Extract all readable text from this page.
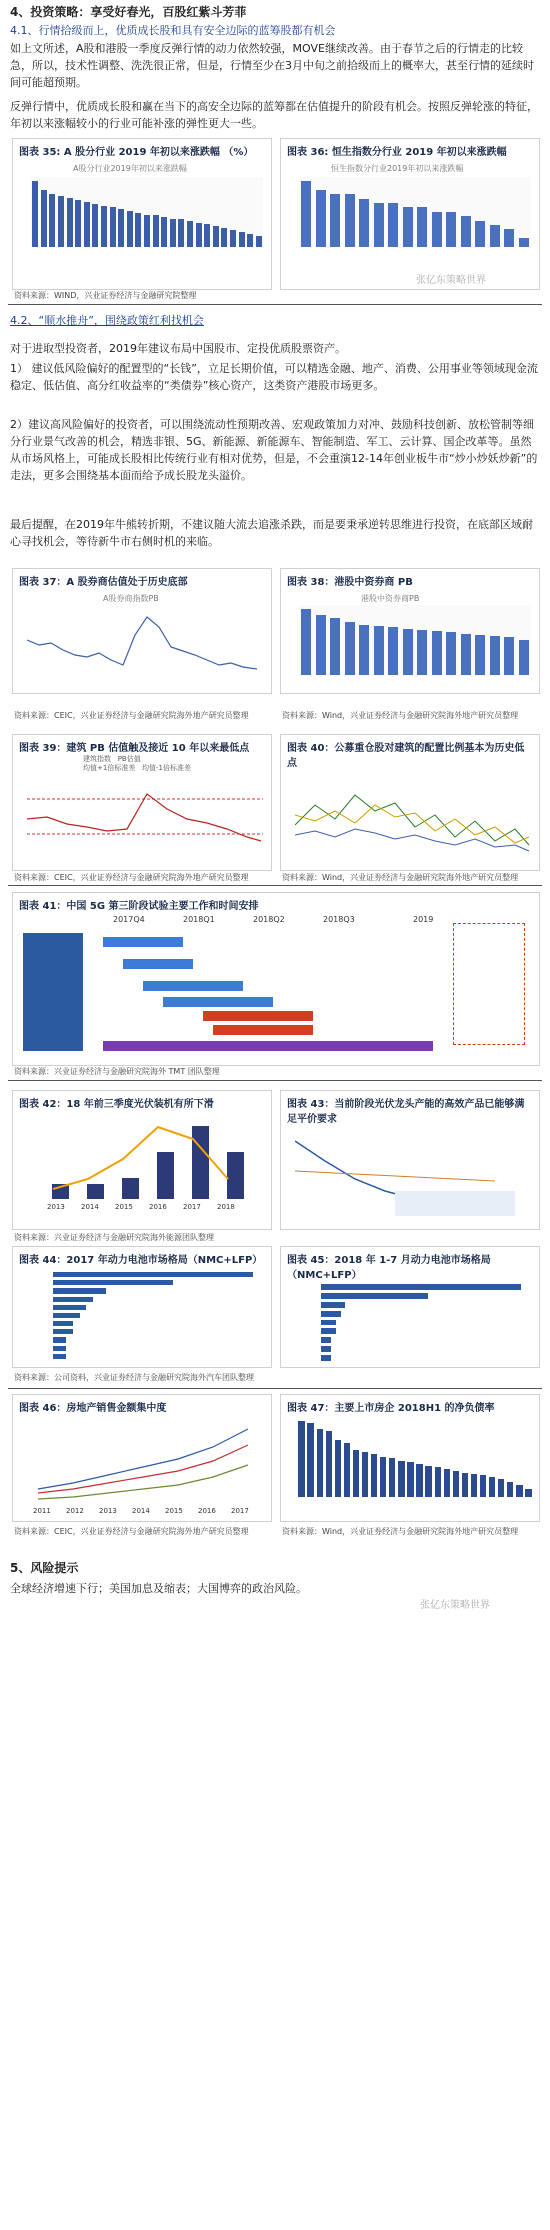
4、投资策略：享受好春光，百股红紫斗芳菲
4.1、行情拾级而上，优质成长股和具有安全边际的蓝筹股都有机会
如上文所述，A股和港股一季度反弹行情的动力依然较强，MOVE继续改善。由于春节之后的行情走的比较急，所以，技术性调整、洗洗很正常，但是，行情至少在3月中旬之前拾级而上的概率大，甚至行情的延续时间可能超预期。
反弹行情中，优质成长股和赢在当下的高安全边际的蓝筹都在估值提升的阶段有机会。按照反弹轮涨的特征，年初以来涨幅较小的行业可能补涨的弹性更大一些。
图表 35: A 股分行业 2019 年初以来涨跌幅 （%）
A股分行业2019年初以来涨跌幅
图表 36: 恒生指数分行业 2019 年初以来涨跌幅
恒生指数分行业2019年初以来涨跌幅
张亿东策略世界
资料来源：WIND，兴业证券经济与金融研究院整理
4.2、“顺水推舟”，围绕政策红利找机会
对于进取型投资者，2019年建议布局中国股市、定投优质股票资产。
1） 建议低风险偏好的配置型的“长钱”，立足长期价值，可以精选金融、地产、消费、公用事业等领域现金流稳定、低估值、高分红收益率的“类债券”核心资产，这类资产港股市场更多。
2）建议高风险偏好的投资者，可以围绕流动性预期改善、宏观政策加力对冲、鼓励科技创新、放松管制等细分行业景气改善的机会，精选非银、5G、新能源、新能源车、智能制造、军工、云计算、国企改革等。虽然从市场风格上，可能成长股相比传统行业有相对优势，但是，不会重演12-14年创业板牛市“炒小炒妖炒新”的走法，更多会围绕基本面而给予成长股龙头溢价。
最后提醒，在2019年牛熊转折期，不建议随大流去追涨杀跌，而是要秉承逆转思维进行投资，在底部区域耐心寻找机会，等待新牛市右侧时机的来临。
图表 37：A 股券商估值处于历史底部
A股券商指数PB
资料来源：CEIC，兴业证券经济与金融研究院海外地产研究员整理
图表 38：港股中资券商 PB
港股中资券商PB
资料来源：Wind，兴业证券经济与金融研究院海外地产研究员整理
图表 39：建筑 PB 估值触及接近 10 年以来最低点
建筑指数 PB估值
均值+1倍标准差 均值-1倍标准差
图表 40：公募重仓股对建筑的配置比例基本为历史低点
资料来源：CEIC，兴业证券经济与金融研究院海外地产研究员整理	资料来源：Wind，兴业证券经济与金融研究院海外地产研究员整理
图表 41：中国 5G 第三阶段试验主要工作和时间安排
2017Q4	2018Q1	2018Q2	2018Q3	2019
资料来源：兴业证券经济与金融研究院海外 TMT 团队整理
图表 42：18 年前三季度光伏装机有所下滑
2013 2014 2015 2016 2017 2018
图表 43：当前阶段光伏龙头产能的高效产品已能够满足平价要求
资料来源：兴业证券经济与金融研究院海外能源团队整理
图表 44：2017 年动力电池市场格局（NMC+LFP） 图表 45：2018 年 1-7 月动力电池市场格局（NMC+LFP）
资料来源：公司资料，兴业证券经济与金融研究院海外汽车团队整理
图表 46：房地产销售金额集中度
2011 2012 2013 2014 2015 2016 2017
图表 47：主要上市房企 2018H1 的净负债率
资料来源：CEIC，兴业证券经济与金融研究院海外地产研究员整理	资料来源：Wind，兴业证券经济与金融研究院海外地产研究员整理
5、风险提示
全球经济增速下行；美国加息及缩表；大国博弈的政治风险。
张亿东策略世界
